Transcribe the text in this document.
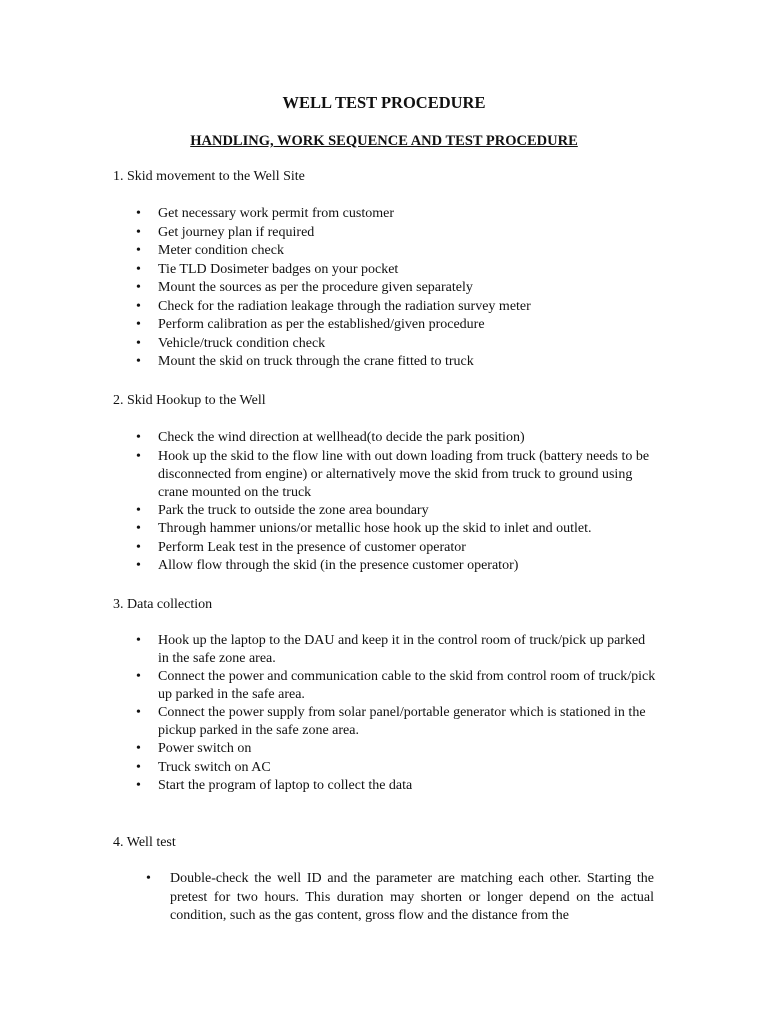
WELL TEST PROCEDURE
HANDLING, WORK SEQUENCE AND TEST PROCEDURE
1. Skid movement to the Well Site
• Get necessary work permit from customer
• Get journey plan if required
• Meter condition check
• Tie TLD Dosimeter badges on your pocket
• Mount the sources as per the procedure given separately
• Check for the radiation leakage through the radiation survey meter
• Perform calibration as per the established/given procedure
• Vehicle/truck condition check
• Mount the skid on truck through the crane fitted to truck
2. Skid Hookup to the Well
• Check the wind direction at wellhead(to decide the park position)
• Hook up the skid to the flow line with out down loading from truck (battery needs to be disconnected from engine) or alternatively move the skid from truck to ground using crane mounted on the truck
• Park the truck to outside the zone area boundary
• Through hammer unions/or metallic hose hook up the skid to inlet and outlet.
• Perform Leak test in the presence of customer operator
• Allow flow through the skid (in the presence customer operator)
3. Data collection
• Hook up the laptop to the DAU and keep it in the control room of truck/pick up parked in the safe zone area.
• Connect the power and communication cable to the skid from control room of truck/pick up parked in the safe area.
• Connect the power supply from solar panel/portable generator which is stationed in the pickup parked in the safe zone area.
• Power switch on
• Truck switch on AC
• Start the program of laptop to collect the data
4. Well test
• Double-check the well ID and the parameter are matching each other. Starting the pretest for two hours. This duration may shorten or longer depend on the actual condition, such as the gas content, gross flow and the distance from the
